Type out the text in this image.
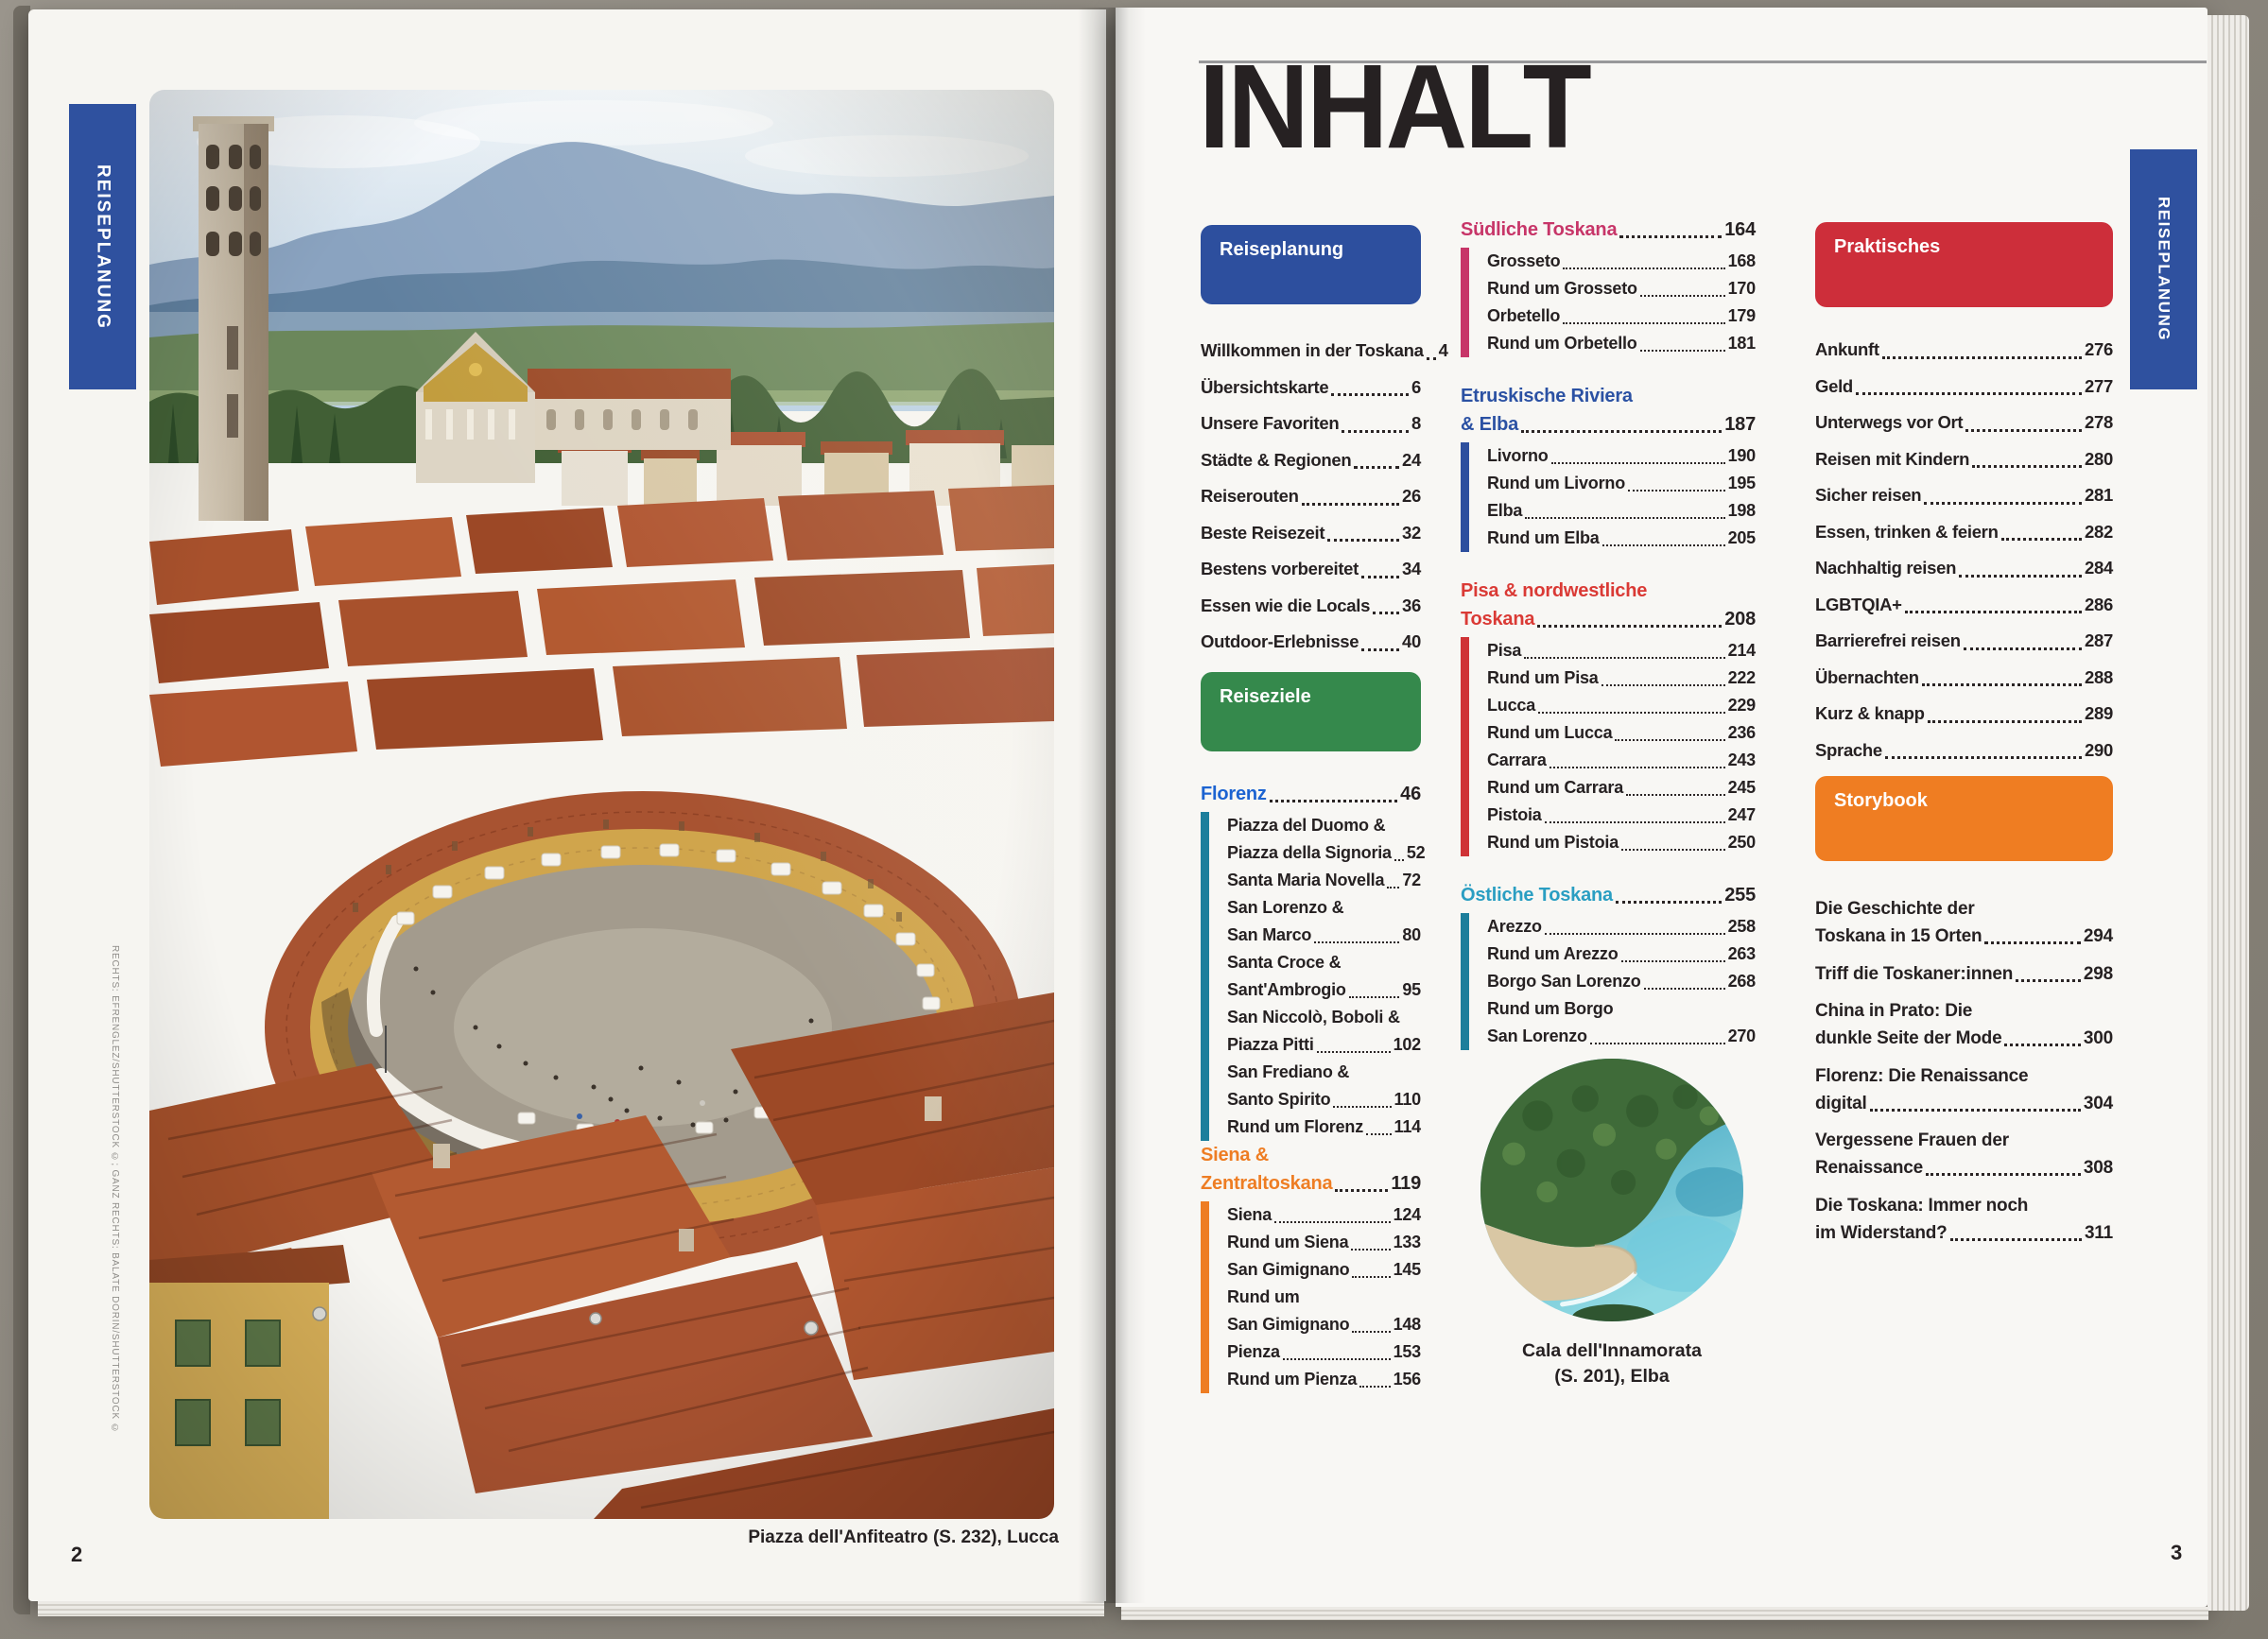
REISEPLANUNG
RECHTS: EFRENGLEZ/SHUTTERSTOCK ©; GANZ RECHTS: BALATE DORIN/SHUTTERSTOCK ©
Piazza dell'Anfiteatro (S. 232), Lucca
2
INHALT
Reiseplanung
Willkommen in der Toskana 4
Übersichtskarte	6
Unsere Favoriten	8
Städte & Regionen	24
Reiserouten	26
Beste Reisezeit	32
Bestens vorbereitet 34
Essen wie die Locals 36
Outdoor-Erlebnisse 40
Reiseziele
Florenz	46
Piazza del Duomo &
Piazza della Signoria 52
Santa Maria Novella 72
San Lorenzo &
San Marco	80
Santa Croce &
Sant'Ambrogio	95
San Niccolò, Boboli &
Piazza Pitti	102
San Frediano &
Santo Spirito	110
Rund um Florenz 114
Siena &
Zentraltoskana	119
Siena	124
Rund um Siena	133
San Gimignano	145
Rund um
San Gimignano	148
Pienza	153
Rund um Pienza 156
Südliche Toskana	164
Grosseto	168
Rund um Grosseto	170
Orbetello	179
Rund um Orbetello	181
Etruskische Riviera
& Elba	187
Livorno	190
Rund um Livorno	195
Elba	198
Rund um Elba	205
Pisa & nordwestliche
Toskana	208
Pisa	214
Rund um Pisa	222
Lucca	229
Rund um Lucca	236
Carrara	243
Rund um Carrara	245
Pistoia	247
Rund um Pistoia	250
Östliche Toskana	255
Arezzo	258
Rund um Arezzo	263
Borgo San Lorenzo	268
Rund um Borgo
San Lorenzo	270
Praktisches
Ankunft	276
Geld	277
Unterwegs vor Ort	278
Reisen mit Kindern	280
Sicher reisen	281
Essen, trinken & feiern	282
Nachhaltig reisen	284
LGBTQIA+	286
Barrierefrei reisen	287
Übernachten	288
Kurz & knapp	289
Sprache	290
Storybook
Die Geschichte der
Toskana in 15 Orten	294
Triff die Toskaner:innen	298
China in Prato: Die
dunkle Seite der Mode	300
Florenz: Die Renaissance
digital	304
Vergessene Frauen der
Renaissance	308
Die Toskana: Immer noch
im Widerstand?	311
Cala dell'Innamorata
(S. 201), Elba
REISEPLANUNG
3
